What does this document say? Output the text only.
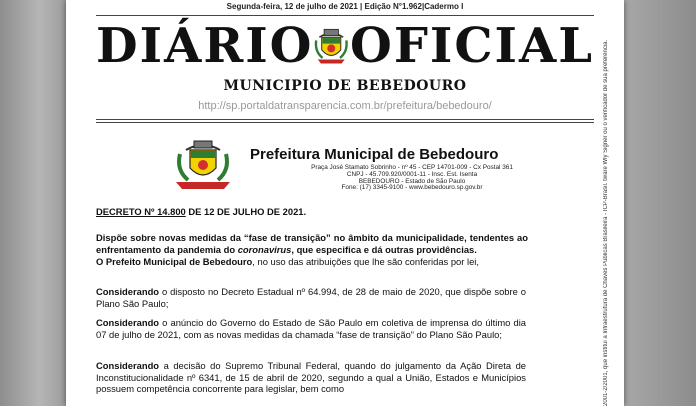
Segunda-feira, 12 de julho de 2021 | Edição N°1.962|Cadermo I
DIÁRIO OFICIAL
MUNICIPIO DE BEBEDOURO
http://sp.portaldatransparencia.com.br/prefeitura/bebedouro/
Prefeitura Municipal de Bebedouro
Praça José Stamato Sobrinho - nº 45 - CEP 14701-009 - Cx Postal 361
CNPJ - 45.709.920/0001-11 - Insc. Est. Isenta
BEBEDOURO - Estado de São Paulo
Fone: (17) 3345-9100 - www.bebedouro.sp.gov.br	2001-2/2001, que institui a Infraestrutura de Chaves Públicas Brasileira - ICP-Brasil. tware Wly Signer ou o verificador de sua preferência.
DECRETO Nº 14.800 DE 12 DE JULHO DE 2021.

Dispõe sobre novas medidas da “fase de transição” no âmbito da municipalidade, tendentes ao enfrentamento da pandemia do coronavirus, que especifica e dá outras providências.

O Prefeito Municipal de Bebedouro, no uso das atribuições que lhe são conferidas por lei,

Considerando o disposto no Decreto Estadual nº 64.994, de 28 de maio de 2020, que dispõe sobre o Plano São Paulo;

Considerando o anúncio do Governo do Estado de São Paulo em coletiva de imprensa do último dia 07 de julho de 2021, com as novas medidas da chamada “fase de transição” do Plano São Paulo;

Considerando a decisão do Supremo Tribunal Federal, quando do julgamento da Ação Direta de Inconstitucionalidade nº 6341, de 15 de abril de 2020, segundo a qual a União, Estados e Municípios possuem competência concorrente para legislar, bem como
